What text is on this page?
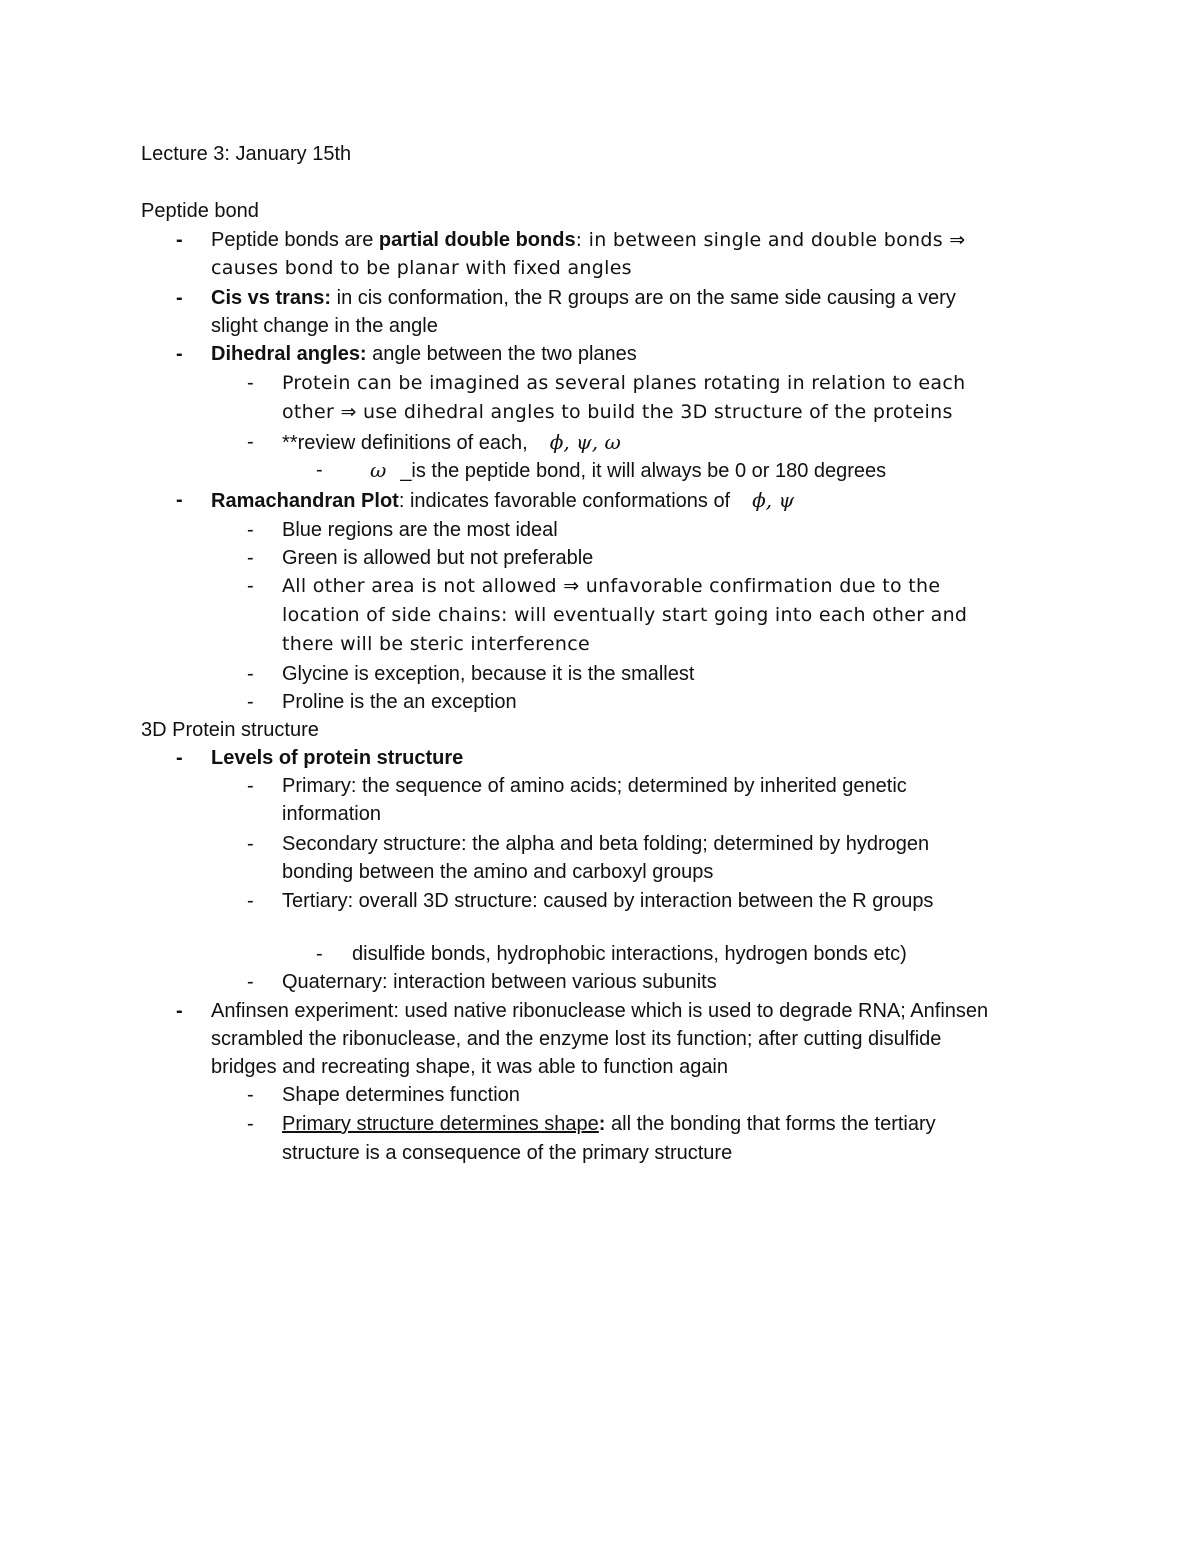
Lecture 3: January 15th
Peptide bond
- Peptide bonds are partial double bonds: in between single and double bonds ⇒
causes bond to be planar with fixed angles
- Cis vs trans: in cis conformation, the R groups are on the same side causing a very
slight change in the angle
- Dihedral angles: angle between the two planes
- Protein can be imagined as several planes rotating in relation to each
other ⇒ use dihedral angles to build the 3D structure of the proteins
- **review definitions of each, ϕ, ψ, ω
- ω _is the peptide bond, it will always be 0 or 180 degrees
- Ramachandran Plot: indicates favorable conformations of ϕ, ψ
- Blue regions are the most ideal
- Green is allowed but not preferable
- All other area is not allowed ⇒ unfavorable confirmation due to the
location of side chains: will eventually start going into each other and
there will be steric interference
- Glycine is exception, because it is the smallest
- Proline is the an exception
3D Protein structure
- Levels of protein structure
- Primary: the sequence of amino acids; determined by inherited genetic
information
- Secondary structure: the alpha and beta folding; determined by hydrogen
bonding between the amino and carboxyl groups
- Tertiary: overall 3D structure: caused by interaction between the R groups
- disulfide bonds, hydrophobic interactions, hydrogen bonds etc)
- Quaternary: interaction between various subunits
- Anfinsen experiment: used native ribonuclease which is used to degrade RNA; Anfinsen
scrambled the ribonuclease, and the enzyme lost its function; after cutting disulfide
bridges and recreating shape, it was able to function again
- Shape determines function
- Primary structure determines shape: all the bonding that forms the tertiary
structure is a consequence of the primary structure
